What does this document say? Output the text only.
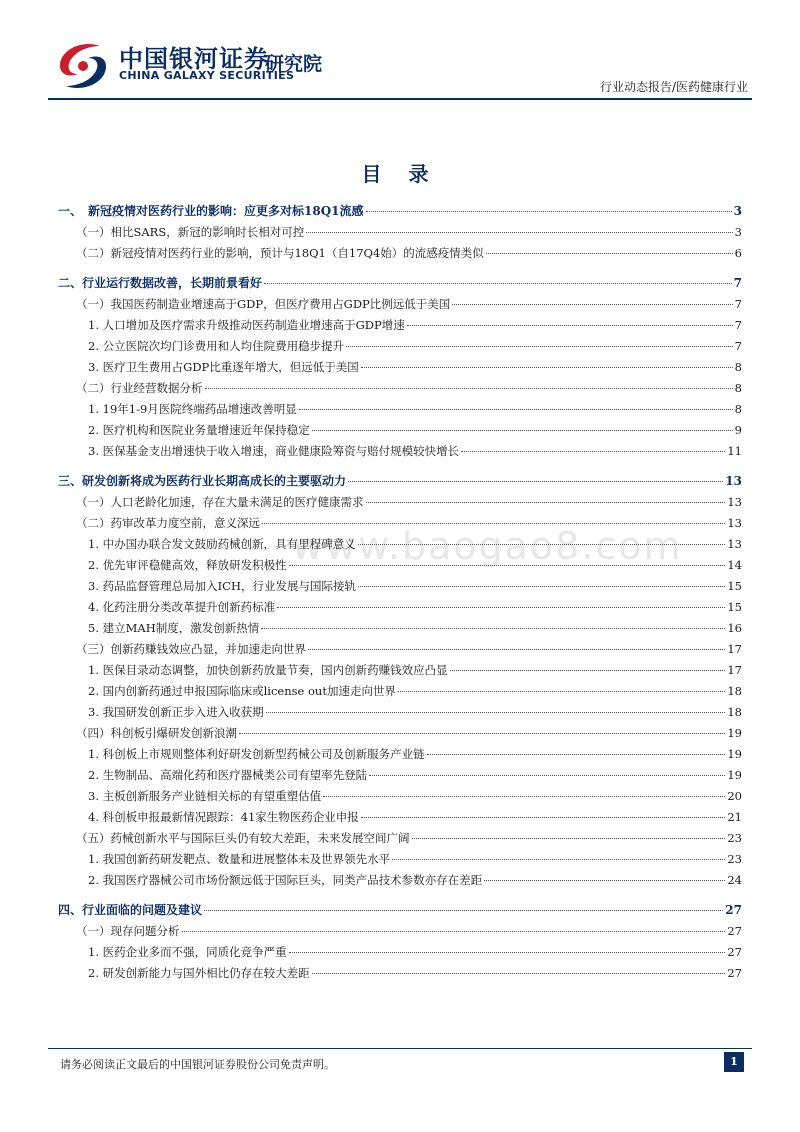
中国银河证券
CHINA GALAXY SECURITIES
研究院
行业动态报告/医药健康行业
目 录
www.baogao8.com
一、　新冠疫情对医药行业的影响：应更多对标18Q1流感	3
（一）相比SARS，新冠的影响时长相对可控	3
（二）新冠疫情对医药行业的影响，预计与18Q1（自17Q4始）的流感疫情类似	6
二、行业运行数据改善，长期前景看好	7
（一）我国医药制造业增速高于GDP，但医疗费用占GDP比例远低于美国	7
1. 人口增加及医疗需求升级推动医药制造业增速高于GDP增速	7
2. 公立医院次均门诊费用和人均住院费用稳步提升	7
3. 医疗卫生费用占GDP比重逐年增大，但远低于美国	8
（二）行业经营数据分析	8
1. 19年1-9月医院终端药品增速改善明显	8
2. 医疗机构和医院业务量增速近年保持稳定	9
3. 医保基金支出增速快于收入增速，商业健康险筹资与赔付规模较快增长	11
三、研发创新将成为医药行业长期高成长的主要驱动力	13
（一）人口老龄化加速，存在大量未满足的医疗健康需求	13
（二）药审改革力度空前，意义深远	13
1. 中办国办联合发文鼓励药械创新，具有里程碑意义	13
2. 优先审评稳健高效，释放研发积极性	14
3. 药品监督管理总局加入ICH，行业发展与国际接轨	15
4. 化药注册分类改革提升创新药标准	15
5. 建立MAH制度，激发创新热情	16
（三）创新药赚钱效应凸显，并加速走向世界	17
1. 医保目录动态调整，加快创新药放量节奏，国内创新药赚钱效应凸显	17
2. 国内创新药通过申报国际临床或license out加速走向世界	18
3. 我国研发创新正步入进入收获期	18
（四）科创板引爆研发创新浪潮	19
1. 科创板上市规则整体利好研发创新型药械公司及创新服务产业链	19
2. 生物制品、高端化药和医疗器械类公司有望率先登陆	19
3. 主板创新服务产业链相关标的有望重塑估值	20
4. 科创板申报最新情况跟踪：41家生物医药企业申报	21
（五）药械创新水平与国际巨头仍有较大差距，未来发展空间广阔	23
1. 我国创新药研发靶点、数量和进展整体未及世界领先水平	23
2. 我国医疗器械公司市场份额远低于国际巨头，同类产品技术参数亦存在差距	24
四、行业面临的问题及建议	27
（一）现存问题分析	27
1. 医药企业多而不强，同质化竞争严重	27
2. 研发创新能力与国外相比仍存在较大差距	27
请务必阅读正文最后的中国银河证券股份公司免责声明。	1
